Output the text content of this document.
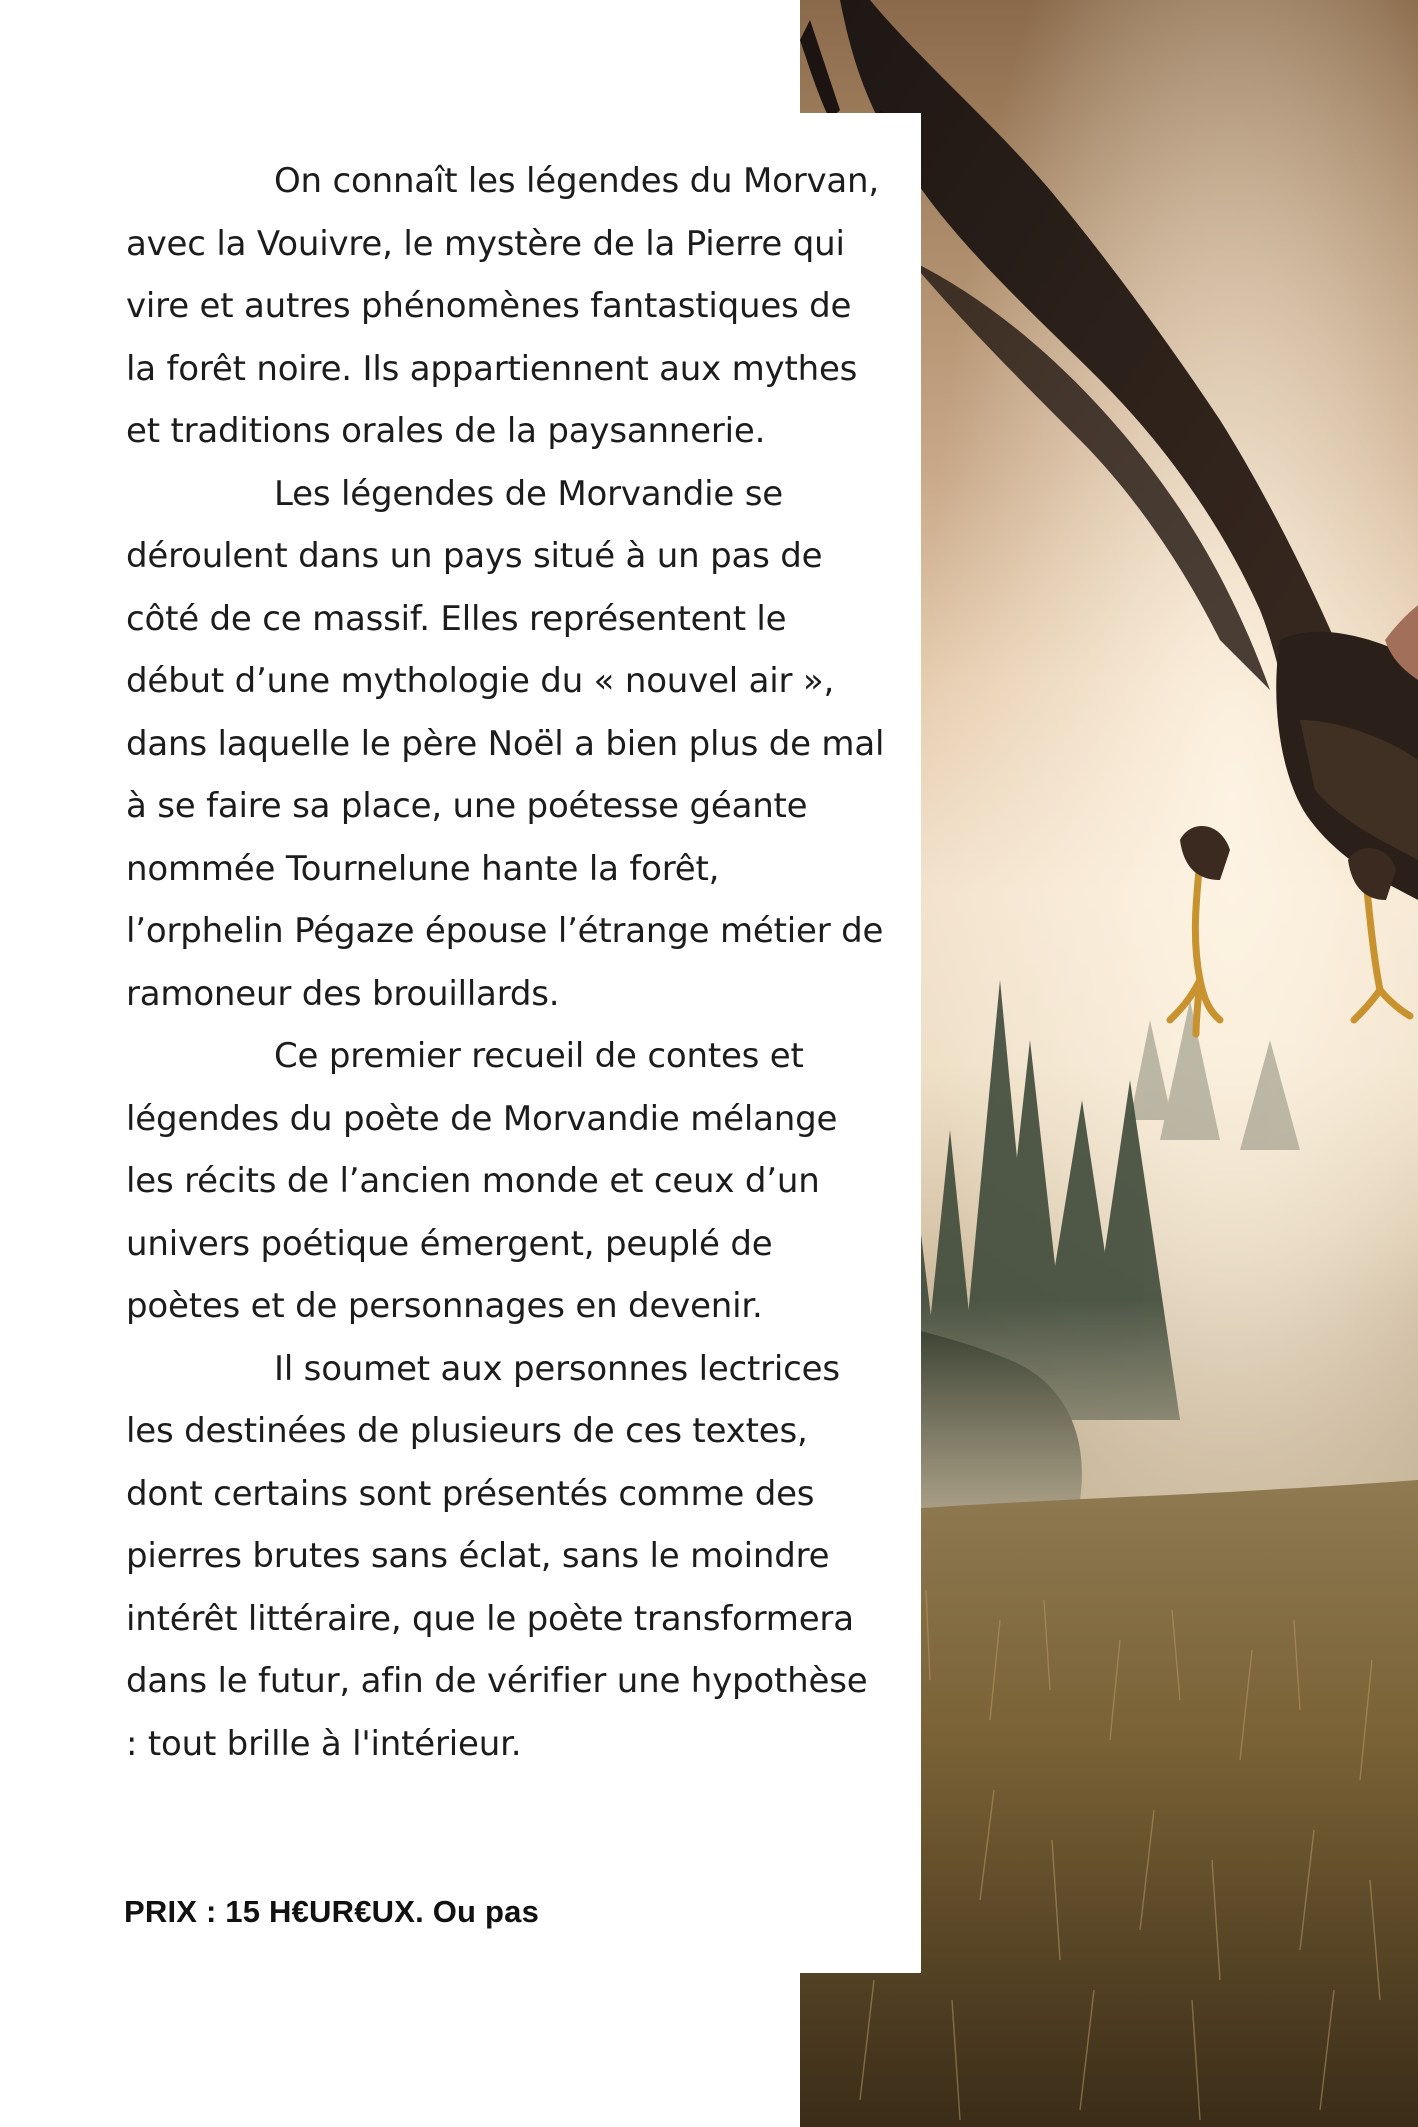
On connaît les légendes du Morvan, avec la Vouivre, le mystère de la Pierre qui vire et autres phénomènes fantastiques de la forêt noire. Ils appartiennent aux mythes et traditions orales de la paysannerie.

Les légendes de Morvandie se déroulent dans un pays situé à un pas de côté de ce massif. Elles représentent le début d’une mythologie du « nouvel air », dans laquelle le père Noël a bien plus de mal à se faire sa place, une poétesse géante nommée Tournelune hante la forêt, l’orphelin Pégaze épouse l’étrange métier de ramoneur des brouillards.

Ce premier recueil de contes et légendes du poète de Morvandie mélange les récits de l’ancien monde et ceux d’un univers poétique émergent, peuplé de poètes et de personnages en devenir.

Il soumet aux personnes lectrices les destinées de plusieurs de ces textes, dont certains sont présentés comme des pierres brutes sans éclat, sans le moindre intérêt littéraire, que le poète transformera dans le futur, afin de vérifier une hypothèse : tout brille à l'intérieur.

PRIX : 15 H€UR€UX. Ou pas
